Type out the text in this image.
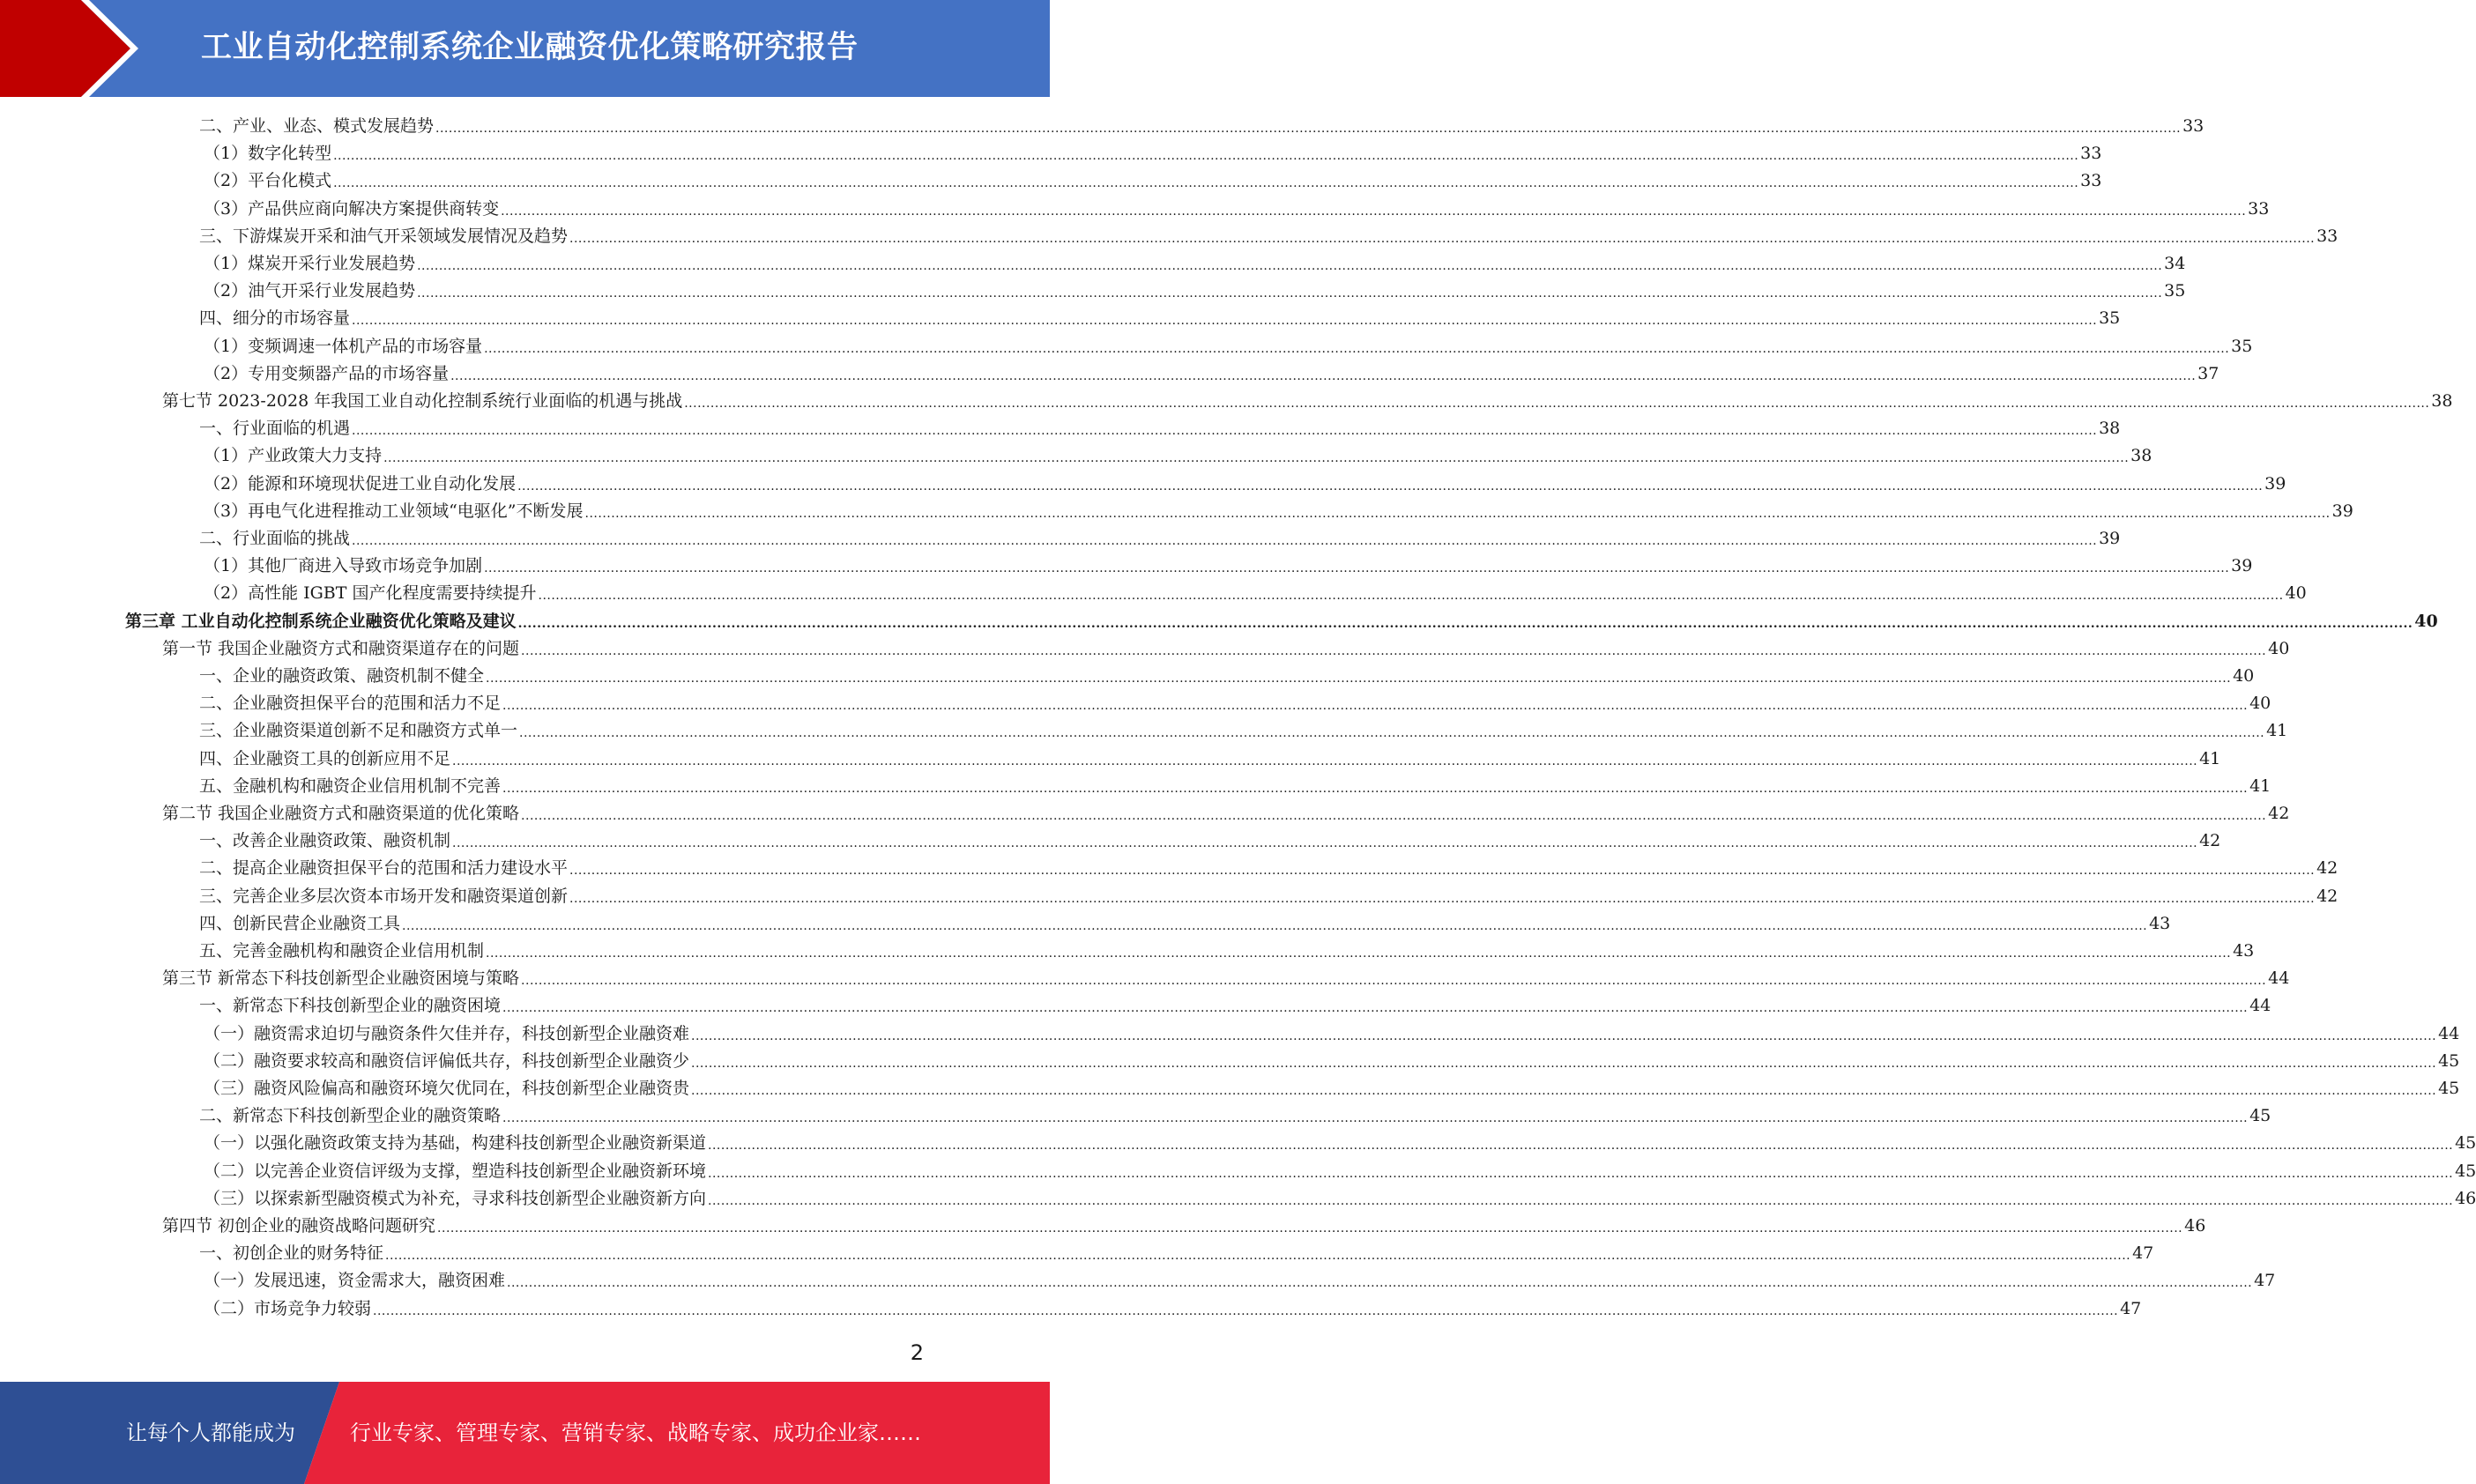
工业自动化控制系统企业融资优化策略研究报告
二、产业、业态、模式发展趋势 ................................................................................................................................................................................................................................................................................................................................................................................................................ 33
（1）数字化转型 ................................................................................................................................................................................................................................................................................................................................................................................................................ 33
（2）平台化模式 ................................................................................................................................................................................................................................................................................................................................................................................................................ 33
（3）产品供应商向解决方案提供商转变 ................................................................................................................................................................................................................................................................................................................................................................................................................ 33
三、下游煤炭开采和油气开采领域发展情况及趋势 ................................................................................................................................................................................................................................................................................................................................................................................................................ 33
（1）煤炭开采行业发展趋势 ................................................................................................................................................................................................................................................................................................................................................................................................................ 34
（2）油气开采行业发展趋势 ................................................................................................................................................................................................................................................................................................................................................................................................................ 35
四、细分的市场容量 ................................................................................................................................................................................................................................................................................................................................................................................................................ 35
（1）变频调速一体机产品的市场容量 ................................................................................................................................................................................................................................................................................................................................................................................................................ 35
（2）专用变频器产品的市场容量 ................................................................................................................................................................................................................................................................................................................................................................................................................ 37
第七节 2023-2028 年我国工业自动化控制系统行业面临的机遇与挑战 ................................................................................................................................................................................................................................................................................................................................................................................................................ 38
一、行业面临的机遇 ................................................................................................................................................................................................................................................................................................................................................................................................................ 38
（1）产业政策大力支持 ................................................................................................................................................................................................................................................................................................................................................................................................................ 38
（2）能源和环境现状促进工业自动化发展 ................................................................................................................................................................................................................................................................................................................................................................................................................ 39
（3）再电气化进程推动工业领域“电驱化”不断发展 ................................................................................................................................................................................................................................................................................................................................................................................................................ 39
二、行业面临的挑战 ................................................................................................................................................................................................................................................................................................................................................................................................................ 39
（1）其他厂商进入导致市场竞争加剧 ................................................................................................................................................................................................................................................................................................................................................................................................................ 39
（2）高性能 IGBT 国产化程度需要持续提升 ................................................................................................................................................................................................................................................................................................................................................................................................................ 40
第三章 工业自动化控制系统企业融资优化策略及建议 ................................................................................................................................................................................................................................................................................................................................................................................................................ 40
第一节 我国企业融资方式和融资渠道存在的问题 ................................................................................................................................................................................................................................................................................................................................................................................................................ 40
一、企业的融资政策、融资机制不健全 ................................................................................................................................................................................................................................................................................................................................................................................................................ 40
二、企业融资担保平台的范围和活力不足 ................................................................................................................................................................................................................................................................................................................................................................................................................ 40
三、企业融资渠道创新不足和融资方式单一 ................................................................................................................................................................................................................................................................................................................................................................................................................ 41
四、企业融资工具的创新应用不足 ................................................................................................................................................................................................................................................................................................................................................................................................................ 41
五、金融机构和融资企业信用机制不完善 ................................................................................................................................................................................................................................................................................................................................................................................................................ 41
第二节 我国企业融资方式和融资渠道的优化策略 ................................................................................................................................................................................................................................................................................................................................................................................................................ 42
一、改善企业融资政策、融资机制 ................................................................................................................................................................................................................................................................................................................................................................................................................ 42
二、提高企业融资担保平台的范围和活力建设水平 ................................................................................................................................................................................................................................................................................................................................................................................................................ 42
三、完善企业多层次资本市场开发和融资渠道创新 ................................................................................................................................................................................................................................................................................................................................................................................................................ 42
四、创新民营企业融资工具 ................................................................................................................................................................................................................................................................................................................................................................................................................ 43
五、完善金融机构和融资企业信用机制 ................................................................................................................................................................................................................................................................................................................................................................................................................ 43
第三节 新常态下科技创新型企业融资困境与策略 ................................................................................................................................................................................................................................................................................................................................................................................................................ 44
一、新常态下科技创新型企业的融资困境 ................................................................................................................................................................................................................................................................................................................................................................................................................ 44
（一）融资需求迫切与融资条件欠佳并存，科技创新型企业融资难 ................................................................................................................................................................................................................................................................................................................................................................................................................ 44
（二）融资要求较高和融资信评偏低共存，科技创新型企业融资少 ................................................................................................................................................................................................................................................................................................................................................................................................................ 45
（三）融资风险偏高和融资环境欠优同在，科技创新型企业融资贵 ................................................................................................................................................................................................................................................................................................................................................................................................................ 45
二、新常态下科技创新型企业的融资策略 ................................................................................................................................................................................................................................................................................................................................................................................................................ 45
（一）以强化融资政策支持为基础，构建科技创新型企业融资新渠道 ................................................................................................................................................................................................................................................................................................................................................................................................................ 45
（二）以完善企业资信评级为支撑，塑造科技创新型企业融资新环境 ................................................................................................................................................................................................................................................................................................................................................................................................................ 45
（三）以探索新型融资模式为补充，寻求科技创新型企业融资新方向 ................................................................................................................................................................................................................................................................................................................................................................................................................ 46
第四节 初创企业的融资战略问题研究 ................................................................................................................................................................................................................................................................................................................................................................................................................ 46
一、初创企业的财务特征 ................................................................................................................................................................................................................................................................................................................................................................................................................ 47
（一）发展迅速，资金需求大，融资困难 ................................................................................................................................................................................................................................................................................................................................................................................................................ 47
（二）市场竞争力较弱 ................................................................................................................................................................................................................................................................................................................................................................................................................ 47
2
让每个人都能成为	行业专家、管理专家、营销专家、战略专家、成功企业家……
